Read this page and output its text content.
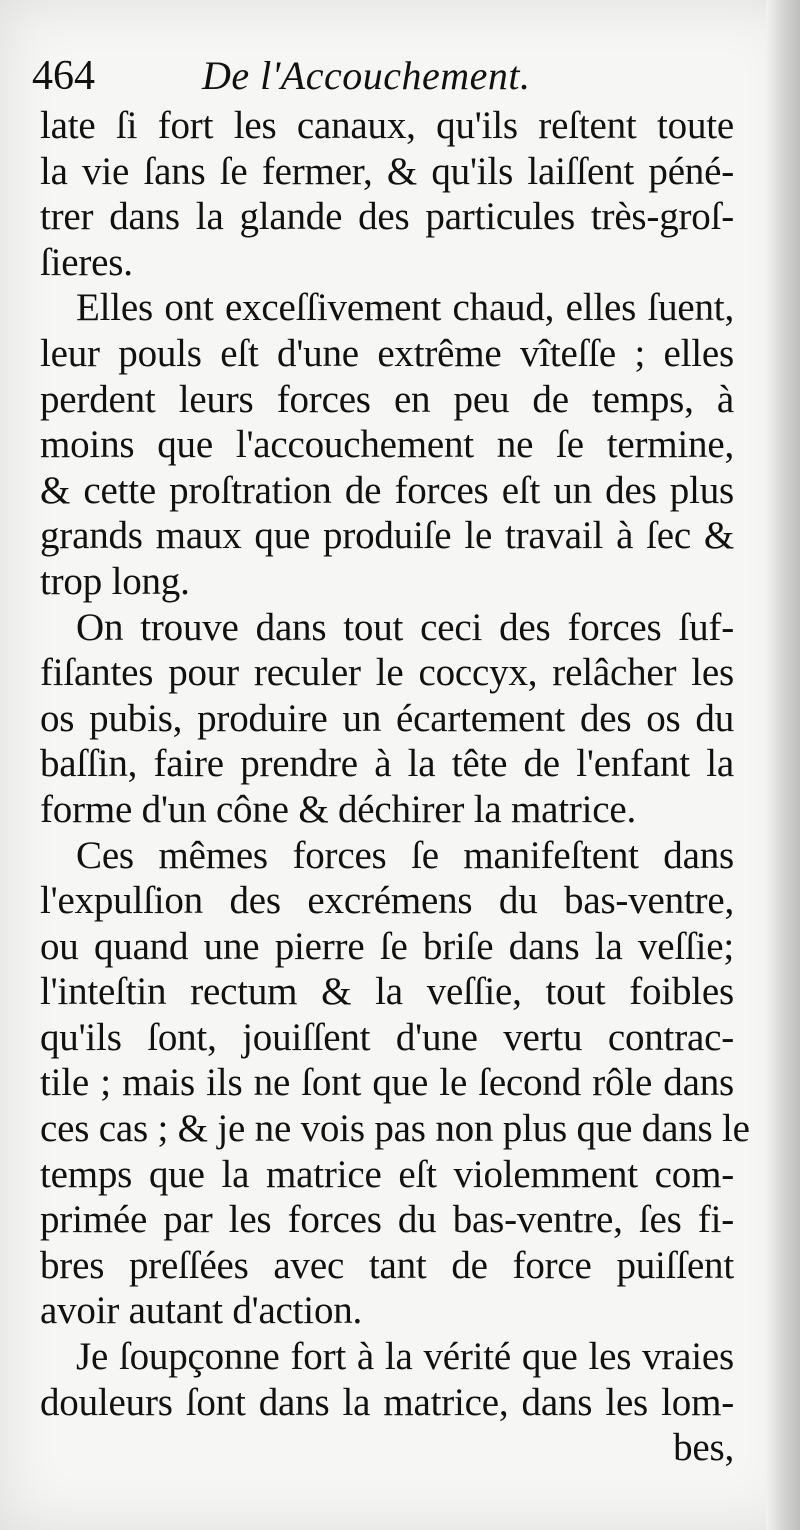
464	De l'Accouchement.
late ſi fort les canaux, qu'ils reſtent toute
la vie ſans ſe fermer, & qu'ils laiſſent péné-
trer dans la glande des particules très-groſ-
ſieres.
Elles ont exceſſivement chaud, elles ſuent,
leur pouls eſt d'une extrême vîteſſe ; elles
perdent leurs forces en peu de temps, à
moins que l'accouchement ne ſe termine,
& cette proſtration de forces eſt un des plus
grands maux que produiſe le travail à ſec &
trop long.
On trouve dans tout ceci des forces ſuf-
fiſantes pour reculer le coccyx, relâcher les
os pubis, produire un écartement des os du
baſſin, faire prendre à la tête de l'enfant la
forme d'un cône & déchirer la matrice.
Ces mêmes forces ſe manifeſtent dans
l'expulſion des excrémens du bas-ventre,
ou quand une pierre ſe briſe dans la veſſie;
l'inteſtin rectum & la veſſie, tout foibles
qu'ils ſont, jouiſſent d'une vertu contrac-
tile ; mais ils ne ſont que le ſecond rôle dans
ces cas ; & je ne vois pas non plus que dans le
temps que la matrice eſt violemment com-
primée par les forces du bas-ventre, ſes fi-
bres preſſées avec tant de force puiſſent
avoir autant d'action.
Je ſoupçonne fort à la vérité que les vraies
douleurs ſont dans la matrice, dans les lom-
bes,
